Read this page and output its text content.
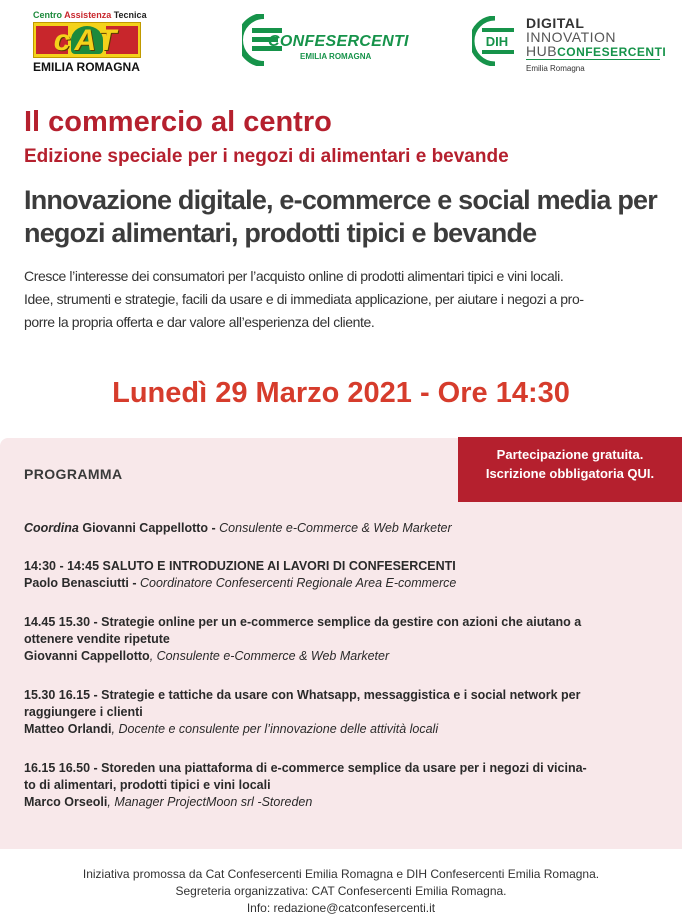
Centro Assistenza Tecnica
cAT
EMILIA ROMAGNA
CONFESERCENTI
EMILIA ROMAGNA
DIH
DIGITAL
INNOVATION
HUBCONFESERCENTI
Emilia Romagna
Il commercio al centro
Edizione speciale per i negozi di alimentari e bevande
Innovazione digitale, e-commerce e social media per negozi alimentari, prodotti tipici e bevande

Cresce l’interesse dei consumatori per l’acquisto online di prodotti alimentari tipici e vini locali.

Idee, strumenti e strategie, facili da usare e di immediata applicazione, per aiutare i negozi a pro-

porre la propria offerta e dar valore all’esperienza del cliente.

Lunedì 29 Marzo 2021 - Ore 14:30
Partecipazione gratuita.
Iscrizione obbligatoria QUI.
PROGRAMMA
Coordina Giovanni Cappellotto - Consulente e-Commerce & Web Marketer
14:30 - 14:45 SALUTO E INTRODUZIONE AI LAVORI DI CONFESERCENTI
Paolo Benasciutti - Coordinatore Confesercenti Regionale Area E-commerce
14.45 15.30 - Strategie online per un e-commerce semplice da gestire con azioni che aiutano a
ottenere vendite ripetute
Giovanni Cappellotto, Consulente e-Commerce & Web Marketer
15.30 16.15 - Strategie e tattiche da usare con Whatsapp, messaggistica e i social network per
raggiungere i clienti
Matteo Orlandi, Docente e consulente per l’innovazione delle attività locali
16.15 16.50 - Storeden una piattaforma di e-commerce semplice da usare per i negozi di vicina-
to di alimentari, prodotti tipici e vini locali
Marco Orseoli, Manager ProjectMoon srl -Storeden
Iniziativa promossa da Cat Confesercenti Emilia Romagna e DIH Confesercenti Emilia Romagna.
Segreteria organizzativa: CAT Confesercenti Emilia Romagna.
Info: redazione@catconfesercenti.it
